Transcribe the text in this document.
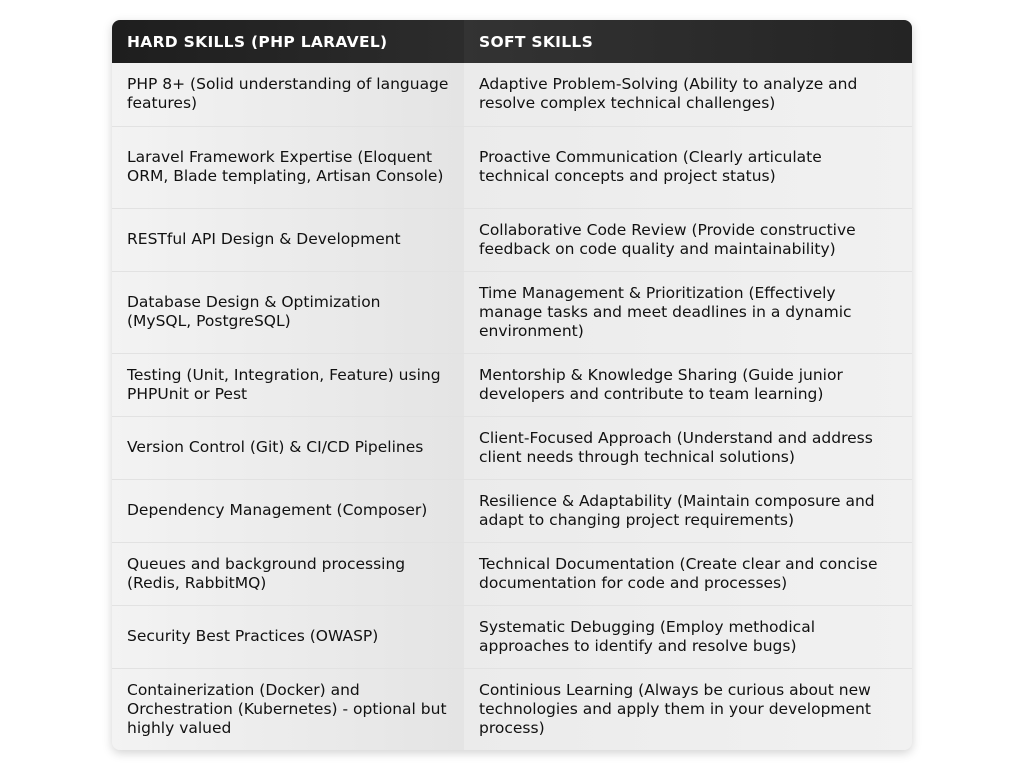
HARD SKILLS (PHP LARAVEL)	SOFT SKILLS
PHP 8+ (Solid understanding of language features)	Adaptive Problem-Solving (Ability to analyze and resolve complex technical challenges)
Laravel Framework Expertise (Eloquent ORM, Blade templating, Artisan Console)	Proactive Communication (Clearly articulate technical concepts and project status)
RESTful API Design & Development	Collaborative Code Review (Provide constructive feedback on code quality and maintainability)
Database Design & Optimization (MySQL, PostgreSQL)	Time Management & Prioritization (Effectively manage tasks and meet deadlines in a dynamic environment)
Testing (Unit, Integration, Feature) using PHPUnit or Pest	Mentorship & Knowledge Sharing (Guide junior developers and contribute to team learning)
Version Control (Git) & CI/CD Pipelines	Client-Focused Approach (Understand and address client needs through technical solutions)
Dependency Management (Composer)	Resilience & Adaptability (Maintain composure and adapt to changing project requirements)
Queues and background processing (Redis, RabbitMQ)	Technical Documentation (Create clear and concise documentation for code and processes)
Security Best Practices (OWASP)	Systematic Debugging (Employ methodical approaches to identify and resolve bugs)
Containerization (Docker) and Orchestration (Kubernetes) - optional but highly valued	Continious Learning (Always be curious about new technologies and apply them in your development process)
